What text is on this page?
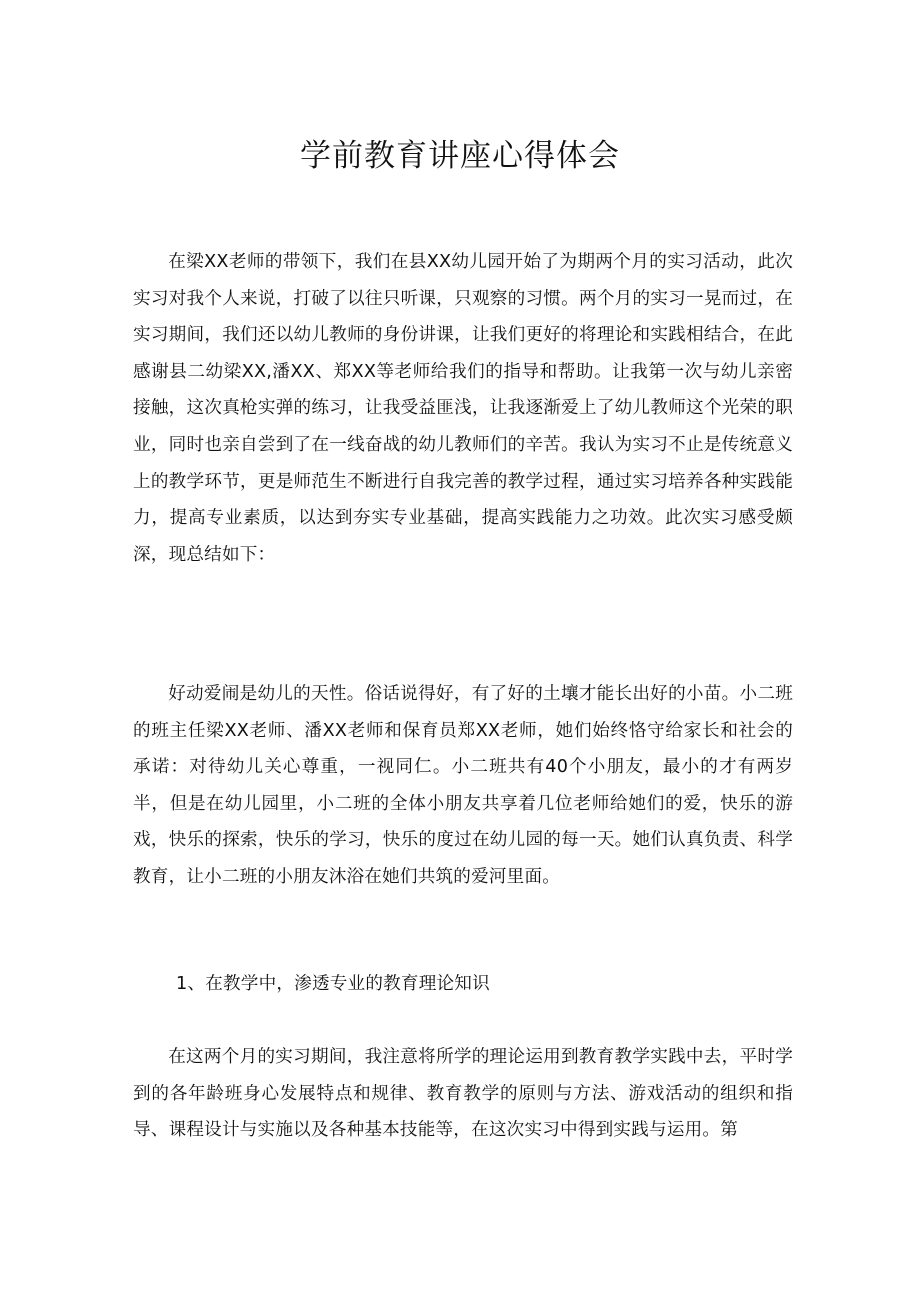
学前教育讲座心得体会

在梁XX老师的带领下，我们在县XX幼儿园开始了为期两个月的实习活动，此次实习对我个人来说，打破了以往只听课，只观察的习惯。两个月的实习一晃而过，在实习期间，我们还以幼儿教师的身份讲课，让我们更好的将理论和实践相结合，在此感谢县二幼梁XX,潘XX、郑XX等老师给我们的指导和帮助。让我第一次与幼儿亲密接触，这次真枪实弹的练习，让我受益匪浅，让我逐渐爱上了幼儿教师这个光荣的职业，同时也亲自尝到了在一线奋战的幼儿教师们的辛苦。我认为实习不止是传统意义上的教学环节，更是师范生不断进行自我完善的教学过程，通过实习培养各种实践能力，提高专业素质，以达到夯实专业基础，提高实践能力之功效。此次实习感受颇深，现总结如下：

好动爱闹是幼儿的天性。俗话说得好，有了好的土壤才能长出好的小苗。小二班的班主任梁XX老师、潘XX老师和保育员郑XX老师，她们始终恪守给家长和社会的承诺：对待幼儿关心尊重，一视同仁。小二班共有40个小朋友，最小的才有两岁半，但是在幼儿园里，小二班的全体小朋友共享着几位老师给她们的爱，快乐的游戏，快乐的探索，快乐的学习，快乐的度过在幼儿园的每一天。她们认真负责、科学教育，让小二班的小朋友沐浴在她们共筑的爱河里面。

1、在教学中，渗透专业的教育理论知识

在这两个月的实习期间，我注意将所学的理论运用到教育教学实践中去，平时学到的各年龄班身心发展特点和规律、教育教学的原则与方法、游戏活动的组织和指导、课程设计与实施以及各种基本技能等，在这次实习中得到实践与运用。第
